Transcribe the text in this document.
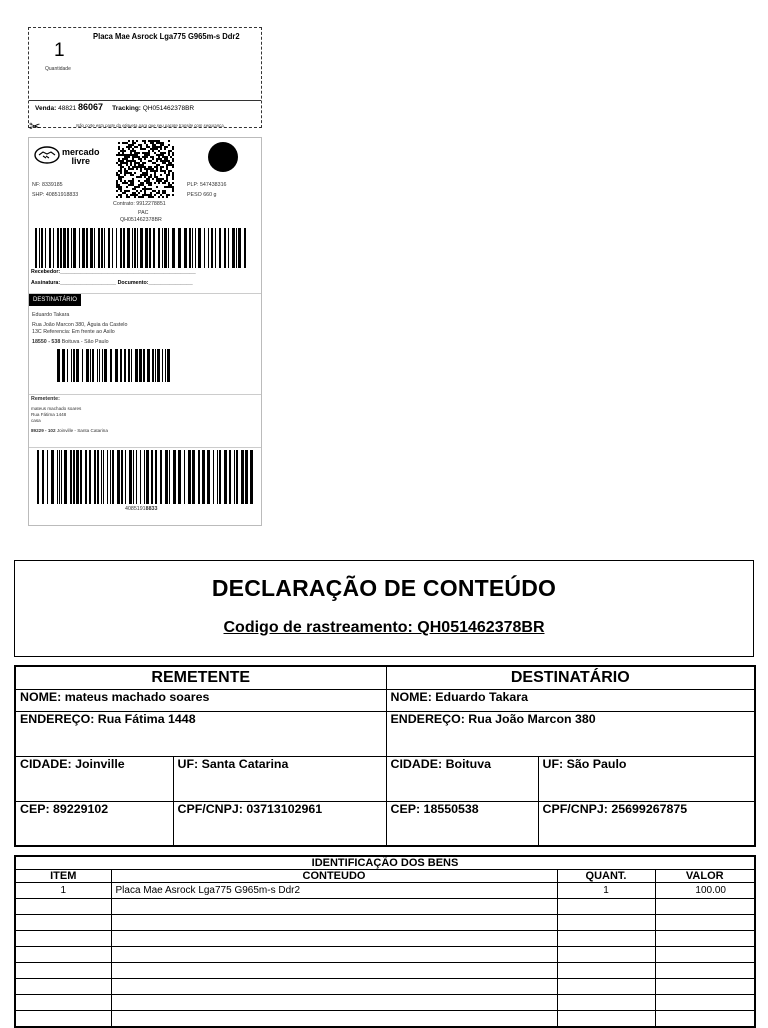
Placa Mae Asrock Lga775 G965m-s Ddr2
1
Quantidade
Venda: 48821 86067 Tracking: QH051462378BR
Não corte esta parte da etiqueta para que seu pacote transite com segurança.
✂
mercado
livre
NF: 8339185
SHP: 40851918833
PLP: 547438316
PESO 660 g
Contrato: 9912278851
PAC
QH051462378BR
Recebedor:______________________________________________
Assinatura:___________________ Documento:_______________
DESTINATÁRIO
Eduardo Takara
Rua João Marcon 380, Águia da Castelo
13C Referencia: Em frente ao Asilo
18550 - 538 Boituva - São Paulo
Remetente:
mateus machado soares
Rua Fátima 1448
casa
89229 - 102 Joinville - Santa Catarina
40851918833
DECLARAÇÃO DE CONTEÚDO
Codigo de rastreamento: QH051462378BR
REMETENTE		DESTINATÁRIO	
NOME: mateus machado soares		NOME: Eduardo Takara	
ENDEREÇO: Rua Fátima 1448		ENDEREÇO: Rua João Marcon 380	
CIDADE: Joinville	UF: Santa Catarina	CIDADE: Boituva	UF: São Paulo
CEP: 89229102	CPF/CNPJ: 03713102961	CEP: 18550538	CPF/CNPJ: 25699267875
IDENTIFICAÇÃO DOS BENS			
ITEM	CONTEUDO	QUANT.	VALOR
1	Placa Mae Asrock Lga775 G965m-s Ddr2	1	100.00
